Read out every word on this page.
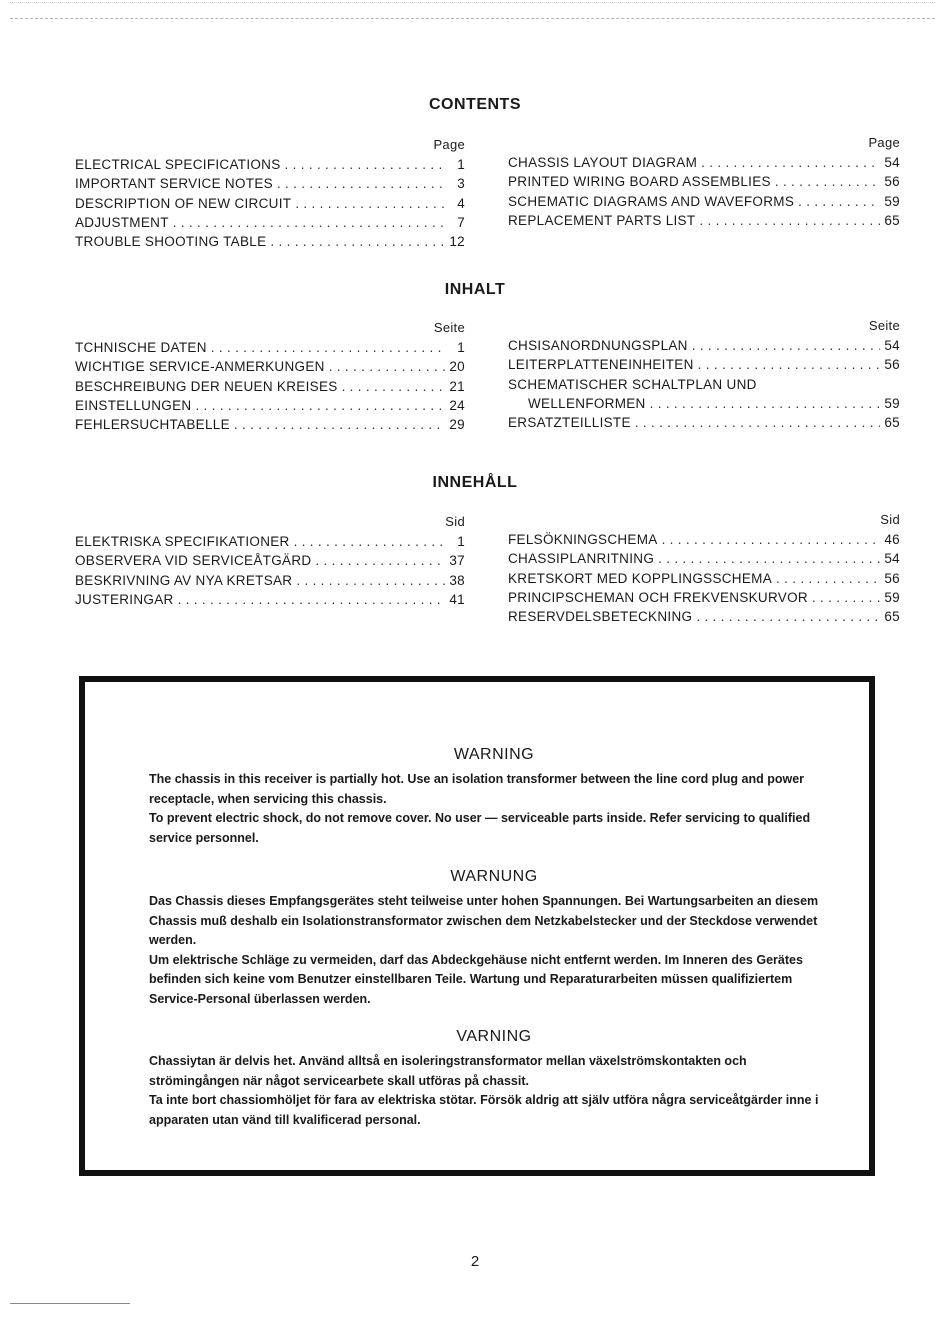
CONTENTS
Page
ELECTRICAL SPECIFICATIONS . . .	1
IMPORTANT SERVICE NOTES . . .	3
DESCRIPTION OF NEW CIRCUIT . . .	4
ADJUSTMENT . . .	7
TROUBLE SHOOTING TABLE . . .	12
Page
CHASSIS LAYOUT DIAGRAM . . .	54
PRINTED WIRING BOARD ASSEMBLIES . . .	56
SCHEMATIC DIAGRAMS AND WAVEFORMS . . .	59
REPLACEMENT PARTS LIST . . .	65
INHALT
Seite
TCHNISCHE DATEN . . .	1
WICHTIGE SERVICE-ANMERKUNGEN . . .	20
BESCHREIBUNG DER NEUEN KREISES . . .	21
EINSTELLUNGEN . . .	24
FEHLERSUCHTABELLE . . .	29
Seite
CHSISANORDNUNGSPLAN . . .	54
LEITERPLATTENEINHEITEN . . .	56
SCHEMATISCHER SCHALTPLAN UND
WELLENFORMEN . . .	59
ERSATZTEILLISTE . . .	65
INNEHÅLL
Sid
ELEKTRISKA SPECIFIKATIONER . . .	1
OBSERVERA VID SERVICEÅTGÄRD . . .	37
BESKRIVNING AV NYA KRETSAR . . .	38
JUSTERINGAR . . .	41
Sid
FELSÖKNINGSCHEMA . . .	46
CHASSIPLANRITNING . . .	54
KRETSKORT MED KOPPLINGSSCHEMA . . .	56
PRINCIPSCHEMAN OCH FREKVENSKURVOR . . .	59
RESERVDELSBETECKNING . . .	65
WARNING

The chassis in this receiver is partially hot. Use an isolation transformer between the line cord plug and power receptacle, when servicing this chassis.

To prevent electric shock, do not remove cover. No user — serviceable parts inside. Refer servicing to qualified service personnel.

WARNUNG

Das Chassis dieses Empfangsgerätes steht teilweise unter hohen Spannungen. Bei Wartungsarbeiten an diesem Chassis muß deshalb ein Isolationstransformator zwischen dem Netzkabelstecker und der Steckdose verwendet werden.

Um elektrische Schläge zu vermeiden, darf das Abdeckgehäuse nicht entfernt werden. Im Inneren des Gerätes befinden sich keine vom Benutzer einstellbaren Teile. Wartung und Reparaturarbeiten müssen qualifiziertem Service-Personal überlassen werden.

VARNING

Chassiytan är delvis het. Använd alltså en isoleringstransformator mellan växelströmskontakten och strömingången när något servicearbete skall utföras på chassit.

Ta inte bort chassiomhöljet för fara av elektriska stötar. Försök aldrig att själv utföra några serviceåtgärder inne i apparaten utan vänd till kvalificerad personal.

2
